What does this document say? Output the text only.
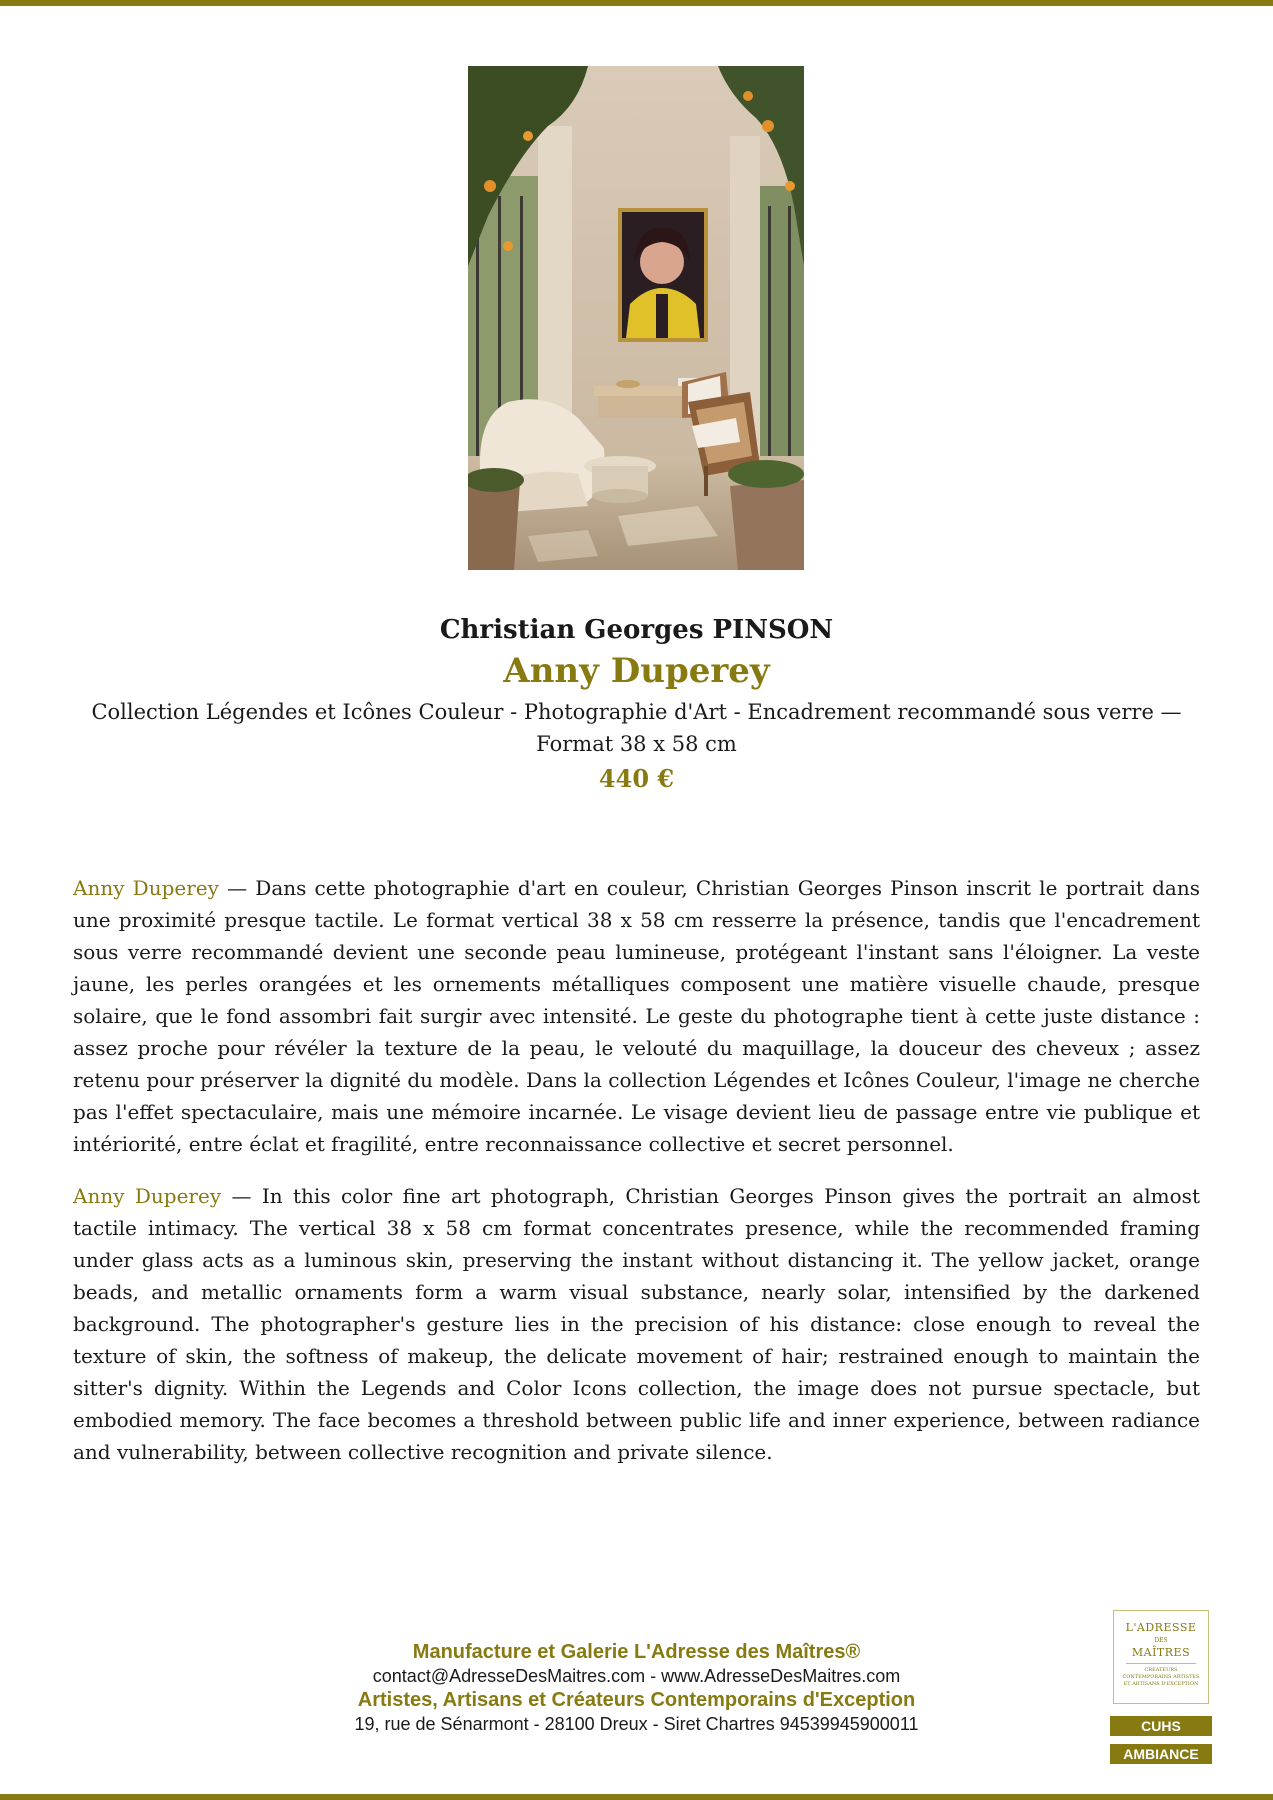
Christian Georges PINSON
Anny Duperey
Collection Légendes et Icônes Couleur - Photographie d'Art - Encadrement recommandé sous verre — Format 38 x 58 cm
440 €

Anny Duperey — Dans cette photographie d'art en couleur, Christian Georges Pinson inscrit le portrait dans une proximité presque tactile. Le format vertical 38 x 58 cm resserre la présence, tandis que l'encadrement sous verre recommandé devient une seconde peau lumineuse, protégeant l'instant sans l'éloigner. La veste jaune, les perles orangées et les ornements métalliques composent une matière visuelle chaude, presque solaire, que le fond assombri fait surgir avec intensité. Le geste du photographe tient à cette juste distance : assez proche pour révéler la texture de la peau, le velouté du maquillage, la douceur des cheveux ; assez retenu pour préserver la dignité du modèle. Dans la collection Légendes et Icônes Couleur, l'image ne cherche pas l'effet spectaculaire, mais une mémoire incarnée. Le visage devient lieu de passage entre vie publique et intériorité, entre éclat et fragilité, entre reconnaissance collective et secret personnel.

Anny Duperey — In this color fine art photograph, Christian Georges Pinson gives the portrait an almost tactile intimacy. The vertical 38 x 58 cm format concentrates presence, while the recommended framing under glass acts as a luminous skin, preserving the instant without distancing it. The yellow jacket, orange beads, and metallic ornaments form a warm visual substance, nearly solar, intensified by the darkened background. The photographer's gesture lies in the precision of his distance: close enough to reveal the texture of skin, the softness of makeup, the delicate movement of hair; restrained enough to maintain the sitter's dignity. Within the Legends and Color Icons collection, the image does not pursue spectacle, but embodied memory. The face becomes a threshold between public life and inner experience, between radiance and vulnerability, between collective recognition and private silence.

Manufacture et Galerie L'Adresse des Maîtres®
contact@AdresseDesMaitres.com - www.AdresseDesMaitres.com
Artistes, Artisans et Créateurs Contemporains d'Exception
19, rue de Sénarmont - 28100 Dreux - Siret Chartres 94539945900011
L'ADRESSE
DES
MAÎTRES
CRÉATEURS CONTEMPORAINS ARTISTES ET ARTISANS D'EXCEPTION
CUHS
AMBIANCE
